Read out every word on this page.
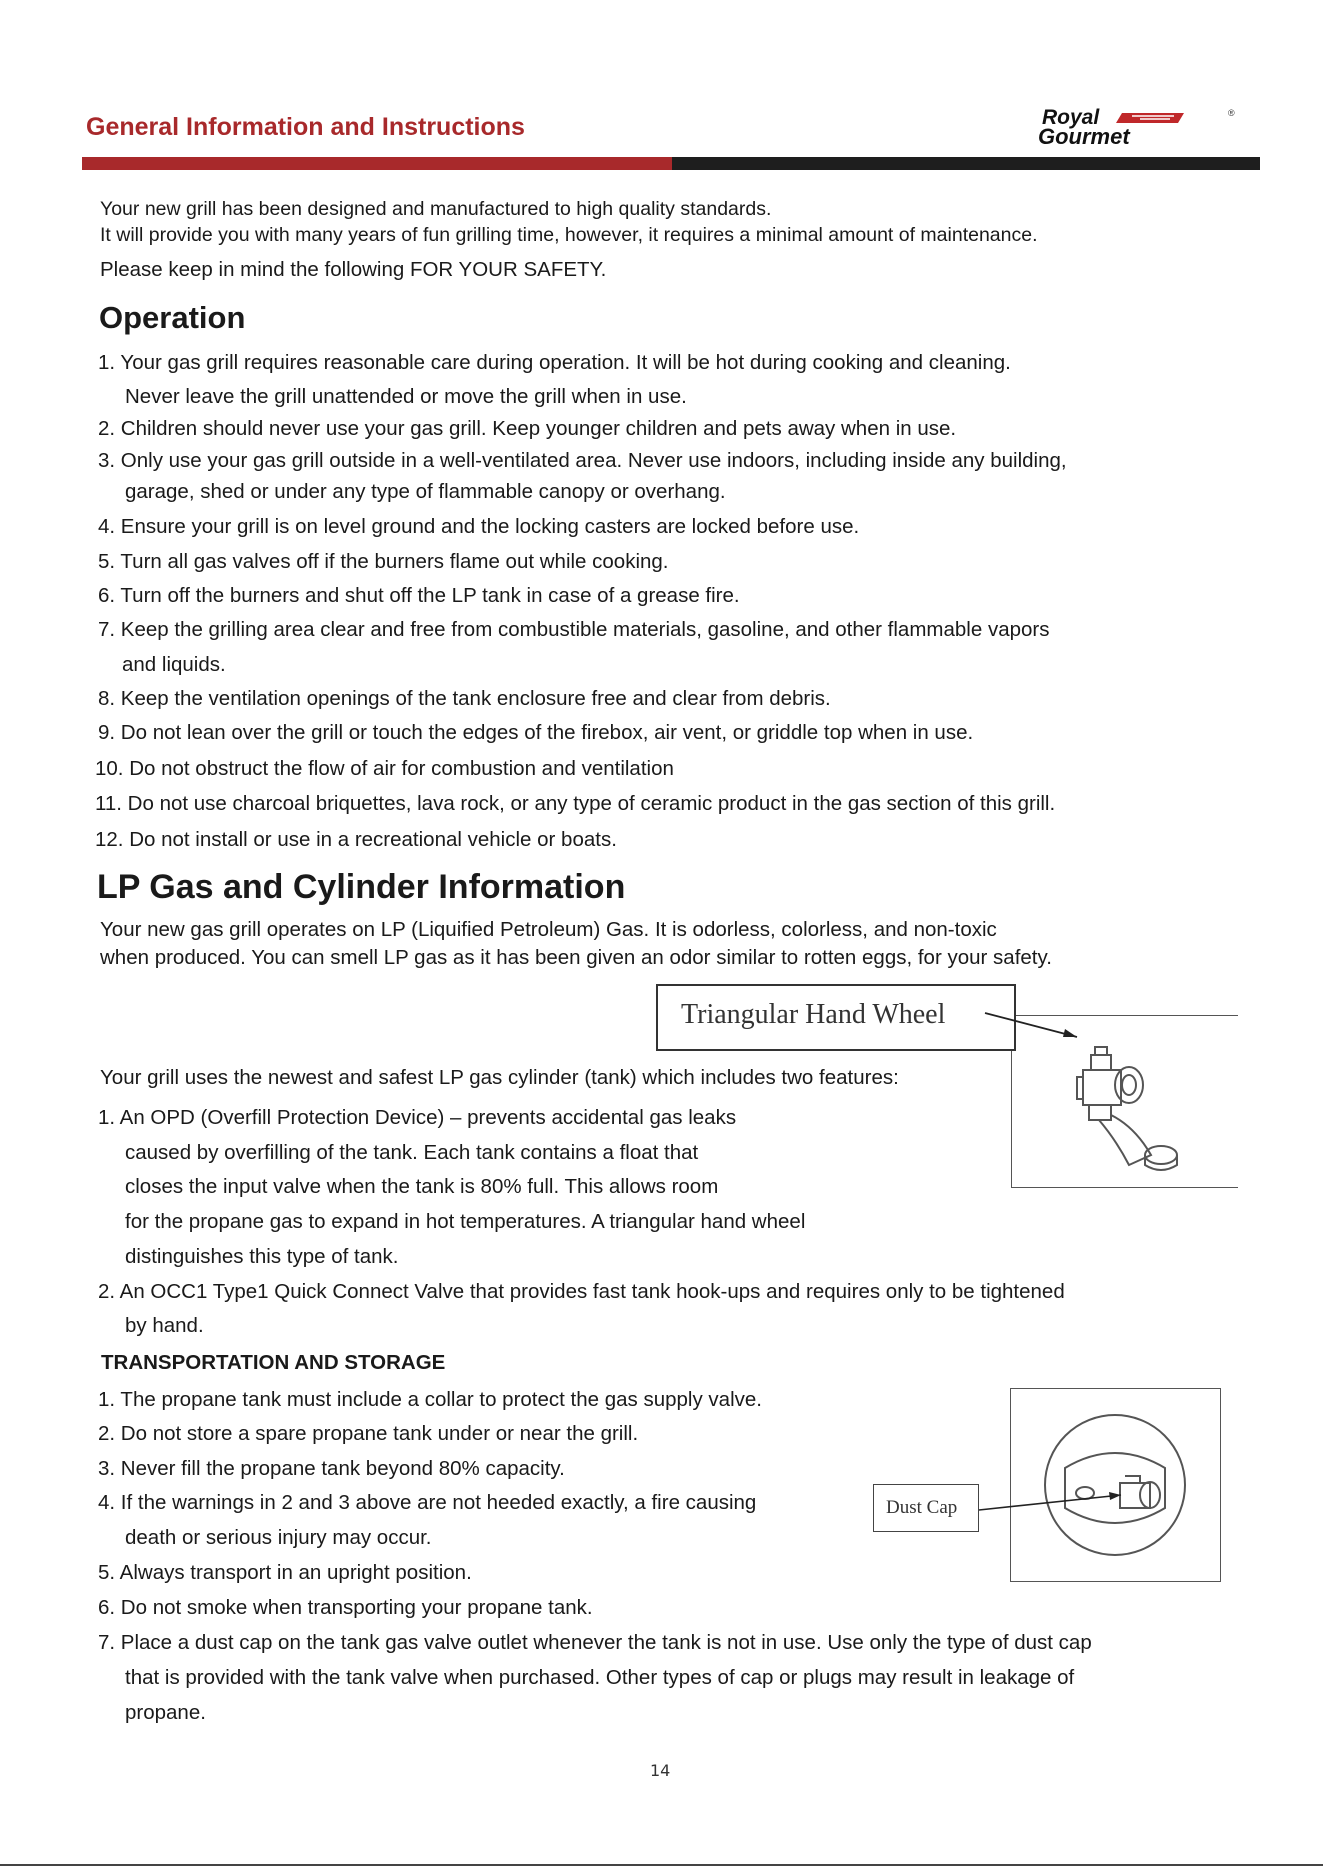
General Information and Instructions	Royal
Gourmet
®
Your new grill has been designed and manufactured to high quality standards.
It will provide you with many years of fun grilling time, however, it requires a minimal amount of maintenance.
Please keep in mind the following FOR YOUR SAFETY.
Operation
1. Your gas grill requires reasonable care during operation. It will be hot during cooking and cleaning.
Never leave the grill unattended or move the grill when in use.
2. Children should never use your gas grill. Keep younger children and pets away when in use.
3. Only use your gas grill outside in a well-ventilated area. Never use indoors, including inside any building,
garage, shed or under any type of flammable canopy or overhang.
4. Ensure your grill is on level ground and the locking casters are locked before use.
5. Turn all gas valves off if the burners flame out while cooking.
6. Turn off the burners and shut off the LP tank in case of a grease fire.
7. Keep the grilling area clear and free from combustible materials, gasoline, and other flammable vapors
and liquids.
8. Keep the ventilation openings of the tank enclosure free and clear from debris.
9. Do not lean over the grill or touch the edges of the firebox, air vent, or griddle top when in use.
10. Do not obstruct the flow of air for combustion and ventilation
11. Do not use charcoal briquettes, lava rock, or any type of ceramic product in the gas section of this grill.
12. Do not install or use in a recreational vehicle or boats.
LP Gas and Cylinder Information
Your new gas grill operates on LP (Liquified Petroleum) Gas. It is odorless, colorless, and non-toxic
when produced. You can smell LP gas as it has been given an odor similar to rotten eggs, for your safety.
Triangular Hand Wheel
Your grill uses the newest and safest LP gas cylinder (tank) which includes two features:
1. An OPD (Overfill Protection Device) – prevents accidental gas leaks
caused by overfilling of the tank. Each tank contains a float that
closes the input valve when the tank is 80% full. This allows room
for the propane gas to expand in hot temperatures. A triangular hand wheel
distinguishes this type of tank.
2. An OCC1 Type1 Quick Connect Valve that provides fast tank hook-ups and requires only to be tightened
by hand.
TRANSPORTATION AND STORAGE
1. The propane tank must include a collar to protect the gas supply valve.
2. Do not store a spare propane tank under or near the grill.
3. Never fill the propane tank beyond 80% capacity.
4. If the warnings in 2 and 3 above are not heeded exactly, a fire causing
death or serious injury may occur.
5. Always transport in an upright position.
6. Do not smoke when transporting your propane tank.
7. Place a dust cap on the tank gas valve outlet whenever the tank is not in use. Use only the type of dust cap
that is provided with the tank valve when purchased. Other types of cap or plugs may result in leakage of
propane.
Dust Cap
14
